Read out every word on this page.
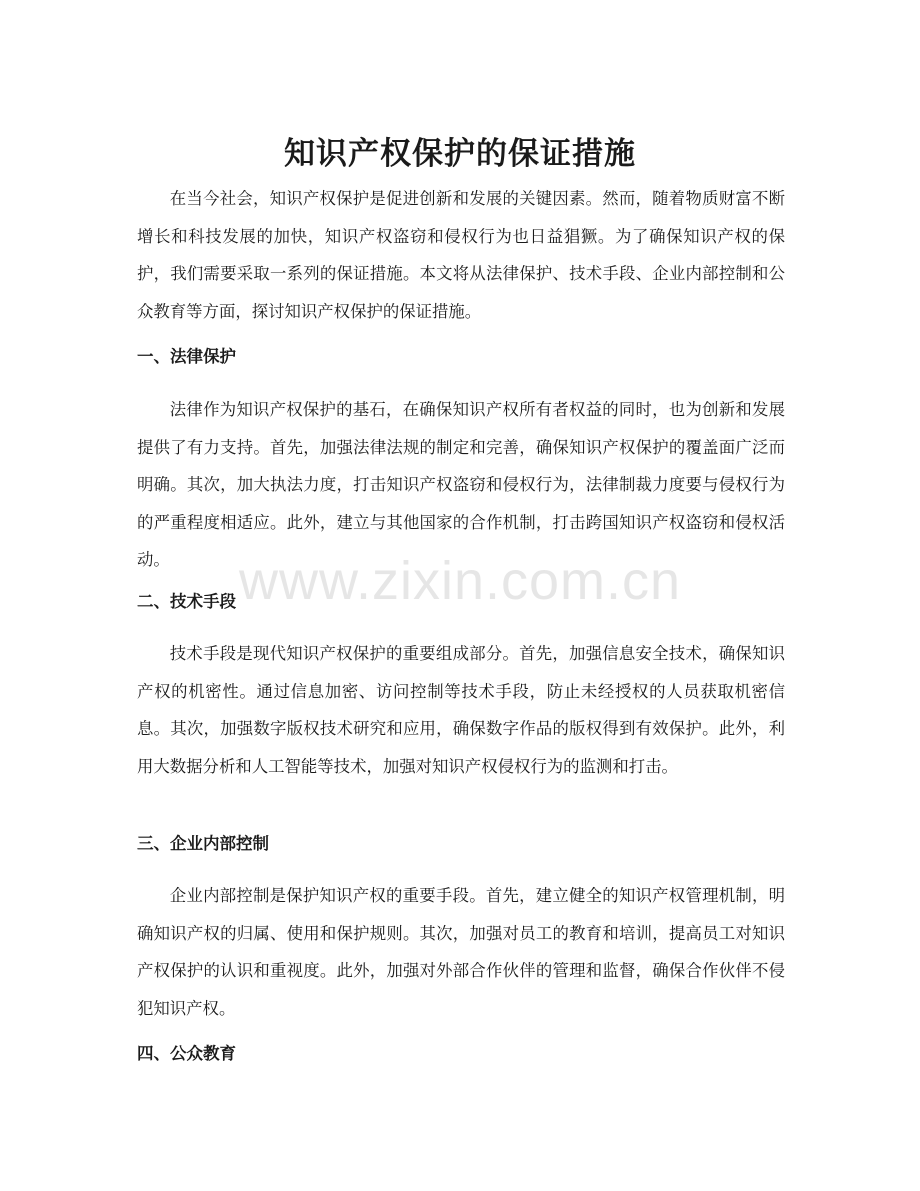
知识产权保护的保证措施

在当今社会，知识产权保护是促进创新和发展的关键因素。然而，随着物质财富不断增长和科技发展的加快，知识产权盗窃和侵权行为也日益猖獗。为了确保知识产权的保护，我们需要采取一系列的保证措施。本文将从法律保护、技术手段、企业内部控制和公众教育等方面，探讨知识产权保护的保证措施。

一、法律保护

法律作为知识产权保护的基石，在确保知识产权所有者权益的同时，也为创新和发展提供了有力支持。首先，加强法律法规的制定和完善，确保知识产权保护的覆盖面广泛而明确。其次，加大执法力度，打击知识产权盗窃和侵权行为，法律制裁力度要与侵权行为的严重程度相适应。此外，建立与其他国家的合作机制，打击跨国知识产权盗窃和侵权活动。	www.zixin.com.cn
二、技术手段

技术手段是现代知识产权保护的重要组成部分。首先，加强信息安全技术，确保知识产权的机密性。通过信息加密、访问控制等技术手段，防止未经授权的人员获取机密信息。其次，加强数字版权技术研究和应用，确保数字作品的版权得到有效保护。此外，利用大数据分析和人工智能等技术，加强对知识产权侵权行为的监测和打击。

三、企业内部控制

企业内部控制是保护知识产权的重要手段。首先，建立健全的知识产权管理机制，明确知识产权的归属、使用和保护规则。其次，加强对员工的教育和培训，提高员工对知识产权保护的认识和重视度。此外，加强对外部合作伙伴的管理和监督，确保合作伙伴不侵犯知识产权。

四、公众教育
